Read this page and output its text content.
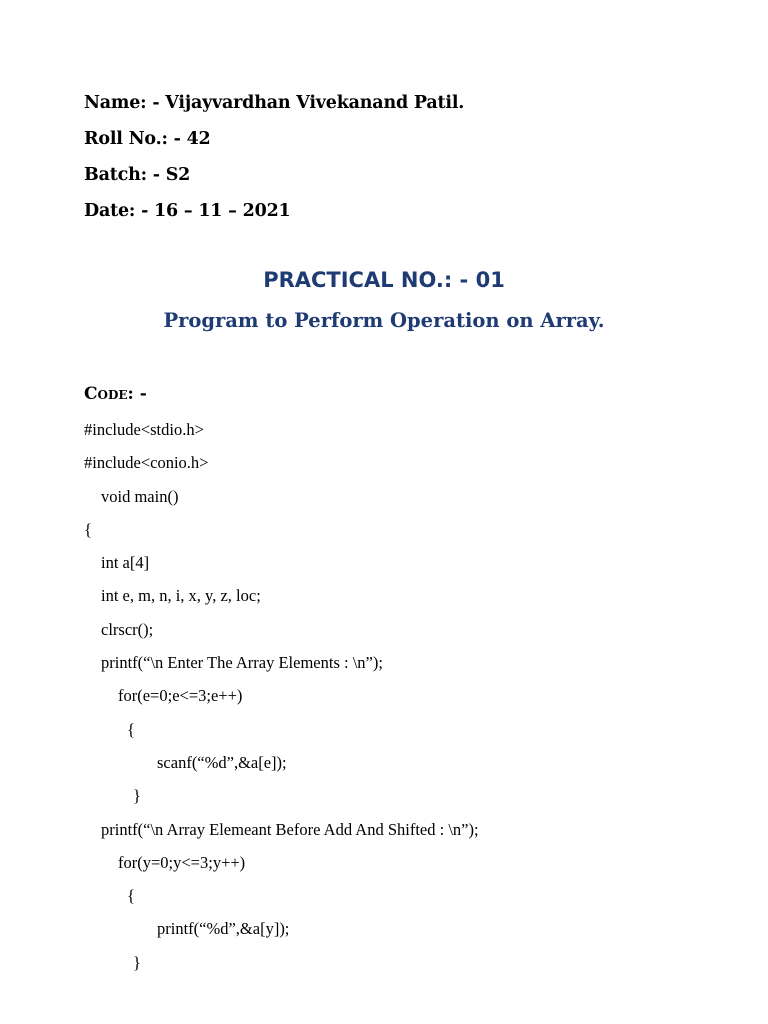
Name: - Vijayvardhan Vivekanand Patil.
Roll No.: - 42
Batch: - S2
Date: - 16 – 11 – 2021
PRACTICAL NO.: - 01
Program to Perform Operation on Array.
Code: -
#include<stdio.h>
#include<conio.h>
void main()
{
int a[4]
int e, m, n, i, x, y, z, loc;
clrscr();
printf(“\n Enter The Array Elements : \n”);
for(e=0;e<=3;e++)
{
scanf(“%d”,&a[e]);
}
printf(“\n Array Elemeant Before Add And Shifted : \n”);
for(y=0;y<=3;y++)
{
printf(“%d”,&a[y]);
}
